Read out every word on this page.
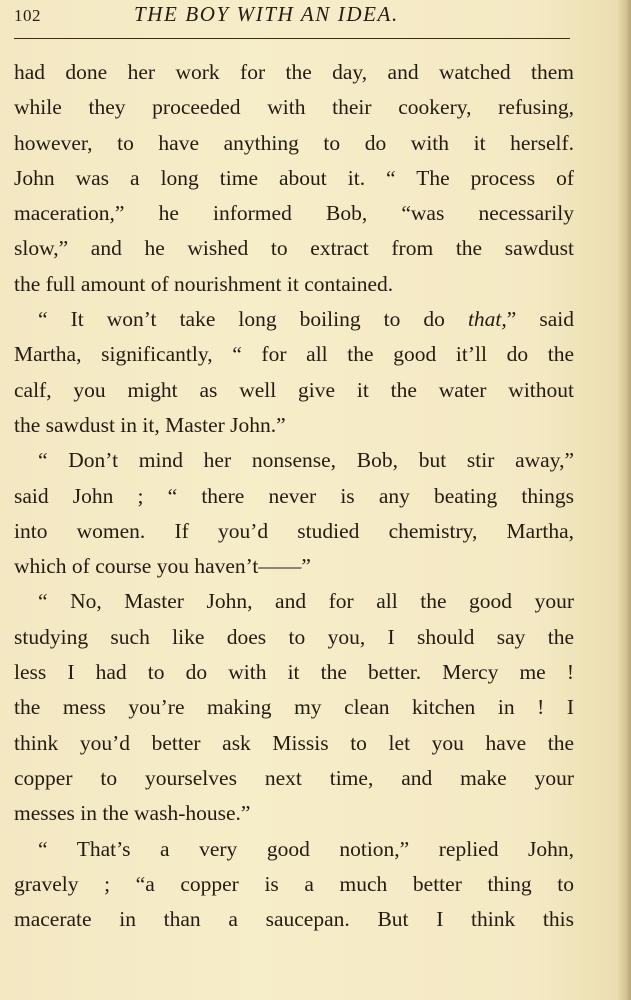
102	THE BOY WITH AN IDEA.
had done her work for the day, and watched them
while they proceeded with their cookery, refusing,
however, to have anything to do with it herself.
John was a long time about it. “ The process of
maceration,” he informed Bob, “was necessarily
slow,” and he wished to extract from the sawdust
the full amount of nourishment it contained.
“ It won’t take long boiling to do that,” said
Martha, significantly, “ for all the good it’ll do the
calf, you might as well give it the water without
the sawdust in it, Master John.”
“ Don’t mind her nonsense, Bob, but stir away,”
said John ; “ there never is any beating things
into women. If you’d studied chemistry, Martha,
which of course you haven’t——”
“ No, Master John, and for all the good your
studying such like does to you, I should say the
less I had to do with it the better. Mercy me !
the mess you’re making my clean kitchen in ! I
think you’d better ask Missis to let you have the
copper to yourselves next time, and make your
messes in the wash-house.”
“ That’s a very good notion,” replied John,
gravely ; “a copper is a much better thing to
macerate in than a saucepan. But I think this
